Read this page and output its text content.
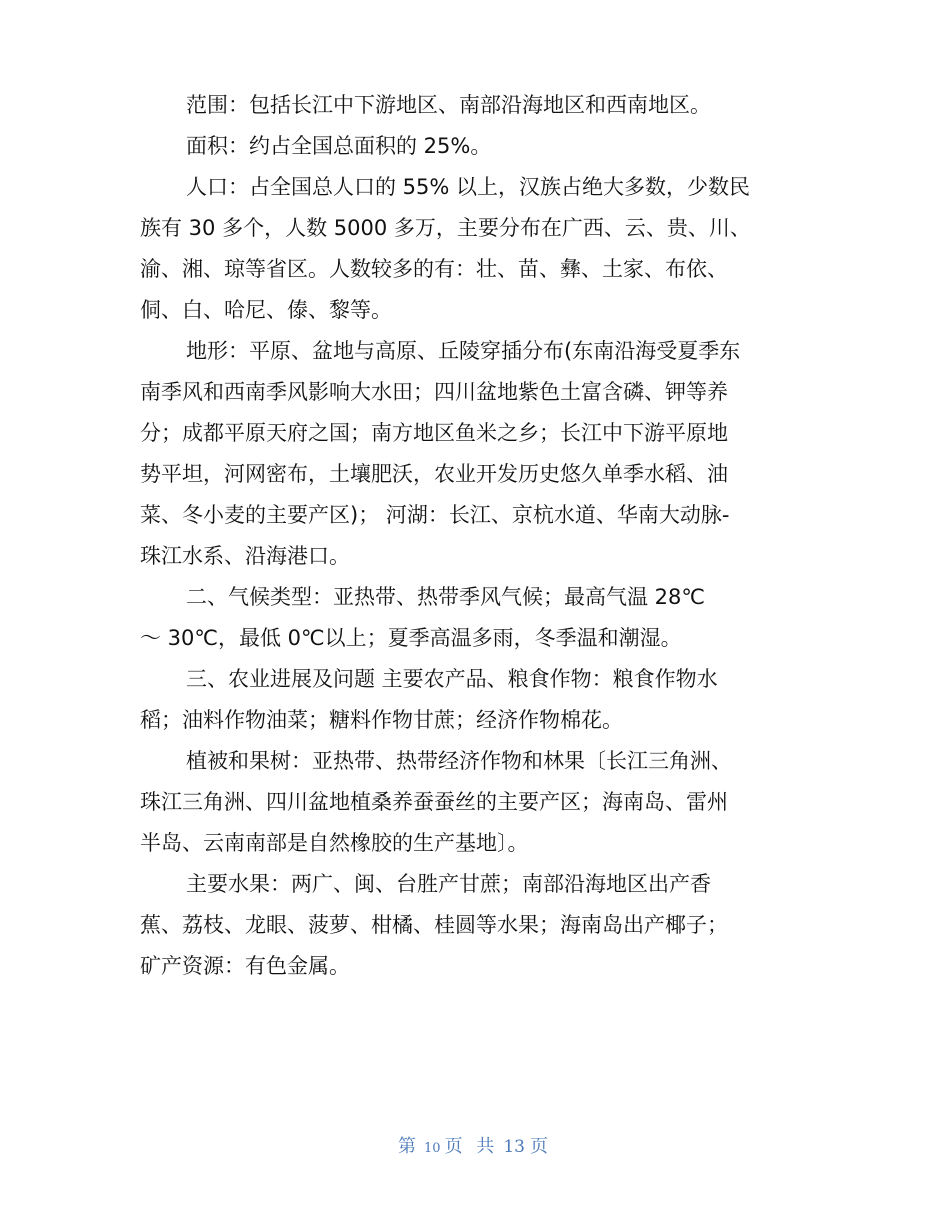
范围：包括长江中下游地区、南部沿海地区和西南地区。

面积：约占全国总面积的 25%。

人口：占全国总人口的 55% 以上，汉族占绝大多数，少数民
族有 30 多个，人数 5000 多万，主要分布在广西、云、贵、川、
渝、湘、琼等省区。人数较多的有：壮、苗、彝、土家、布依、
侗、白、哈尼、傣、黎等。

地形：平原、盆地与高原、丘陵穿插分布(东南沿海受夏季东
南季风和西南季风影响大水田；四川盆地紫色土富含磷、钾等养
分；成都平原天府之国；南方地区鱼米之乡；长江中下游平原地
势平坦，河网密布，土壤肥沃，农业开发历史悠久单季水稻、油
菜、冬小麦的主要产区)； 河湖：长江、京杭水道、华南大动脉-
珠江水系、沿海港口。

二、气候类型：亚热带、热带季风气候；最高气温 28℃
～ 30℃，最低 0℃以上；夏季高温多雨，冬季温和潮湿。

三、农业进展及问题 主要农产品、粮食作物：粮食作物水
稻；油料作物油菜；糖料作物甘蔗；经济作物棉花。

植被和果树：亚热带、热带经济作物和林果〔长江三角洲、
珠江三角洲、四川盆地植桑养蚕蚕丝的主要产区；海南岛、雷州
半岛、云南南部是自然橡胶的生产基地〕。

主要水果：两广、闽、台胜产甘蔗；南部沿海地区出产香
蕉、荔枝、龙眼、菠萝、柑橘、桂圆等水果；海南岛出产椰子；
矿产资源：有色金属。

第 10 页 共 13 页
